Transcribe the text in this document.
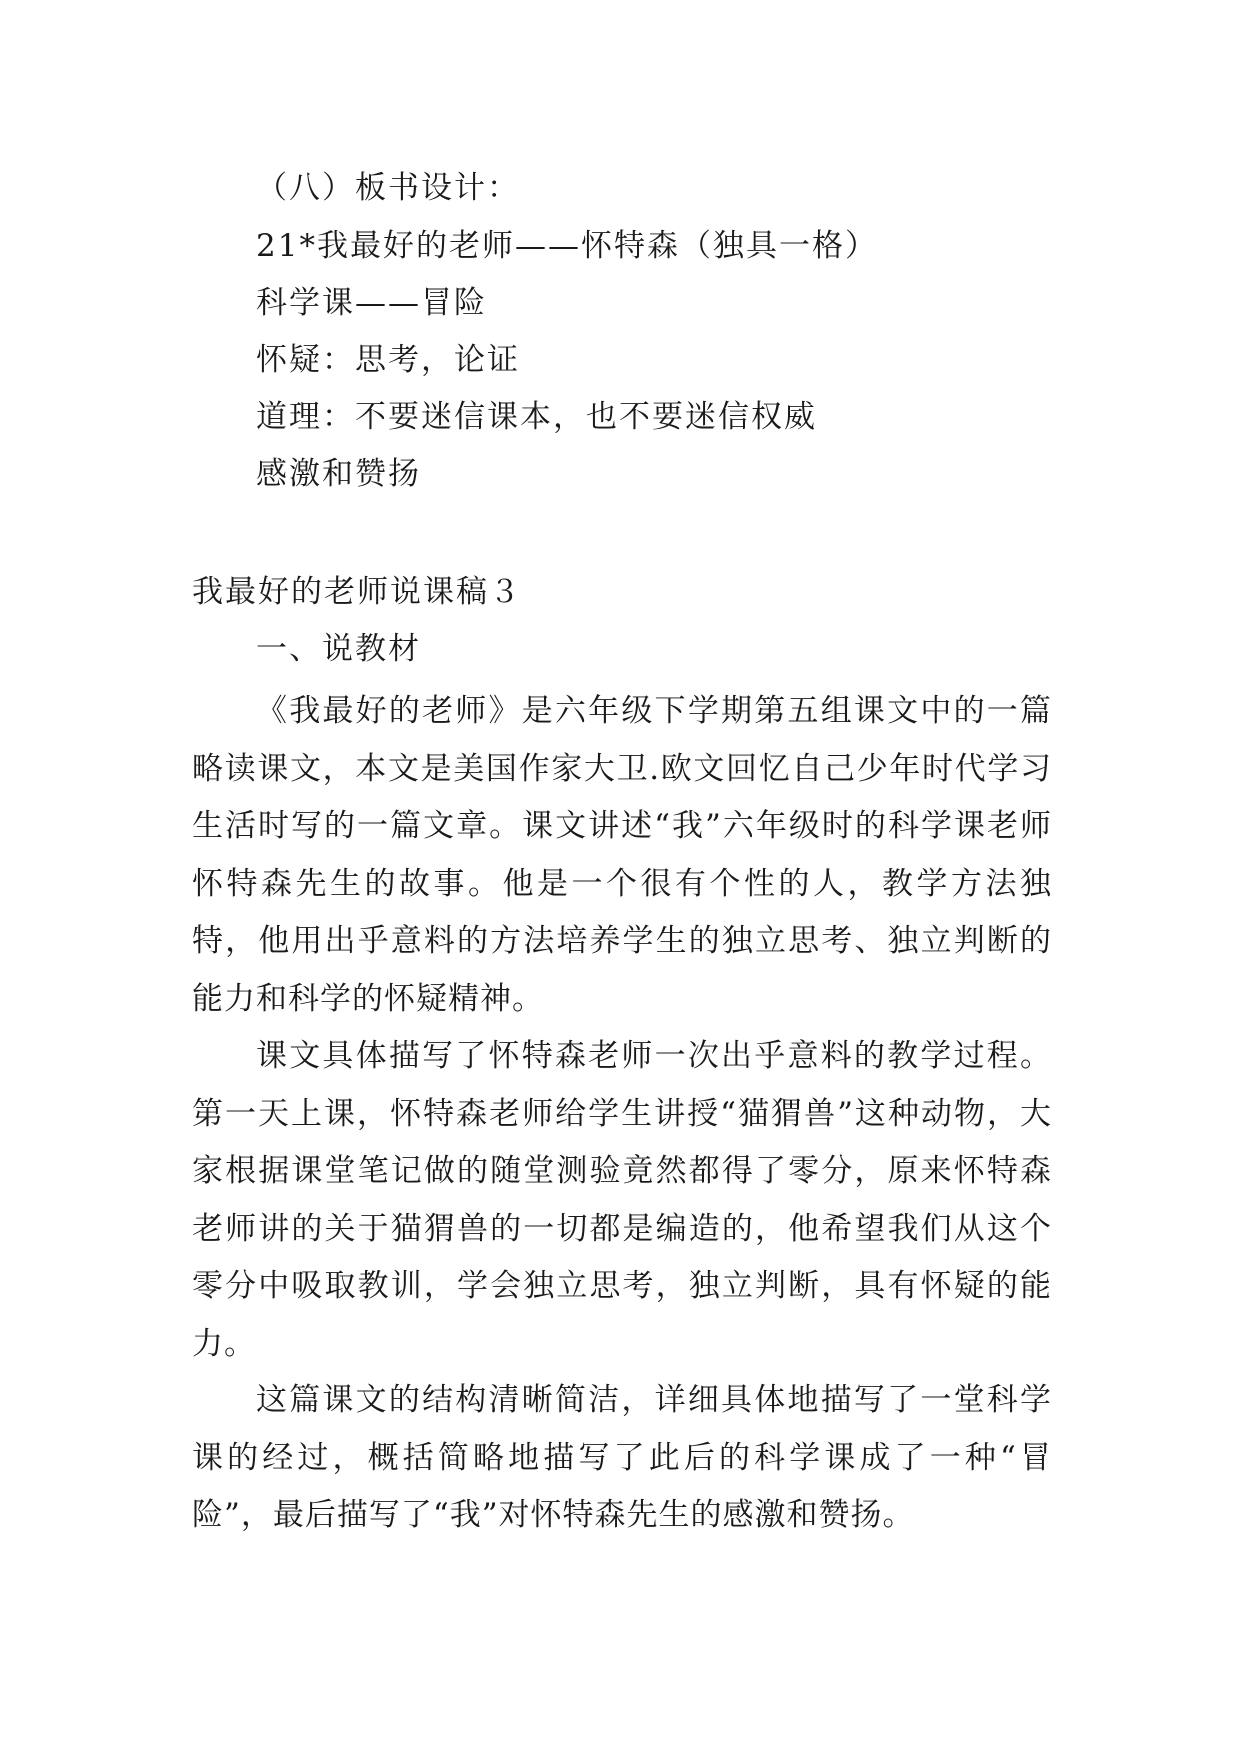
（八）板书设计：
21*我最好的老师——怀特森（独具一格）
科学课——冒险
怀疑：思考，论证
道理：不要迷信课本，也不要迷信权威
感激和赞扬
我最好的老师说课稿３
一、说教材
《我最好的老师》是六年级下学期第五组课文中的一篇略读课文，本文是美国作家大卫.欧文回忆自己少年时代学习生活时写的一篇文章。课文讲述“我”六年级时的科学课老师怀特森先生的故事。他是一个很有个性的人，教学方法独特，他用出乎意料的方法培养学生的独立思考、独立判断的能力和科学的怀疑精神。
课文具体描写了怀特森老师一次出乎意料的教学过程。第一天上课，怀特森老师给学生讲授“猫猬兽”这种动物，大家根据课堂笔记做的随堂测验竟然都得了零分，原来怀特森老师讲的关于猫猬兽的一切都是编造的，他希望我们从这个零分中吸取教训，学会独立思考，独立判断，具有怀疑的能力。
这篇课文的结构清晰简洁，详细具体地描写了一堂科学课的经过，概括简略地描写了此后的科学课成了一种“冒险”，最后描写了“我”对怀特森先生的感激和赞扬。
